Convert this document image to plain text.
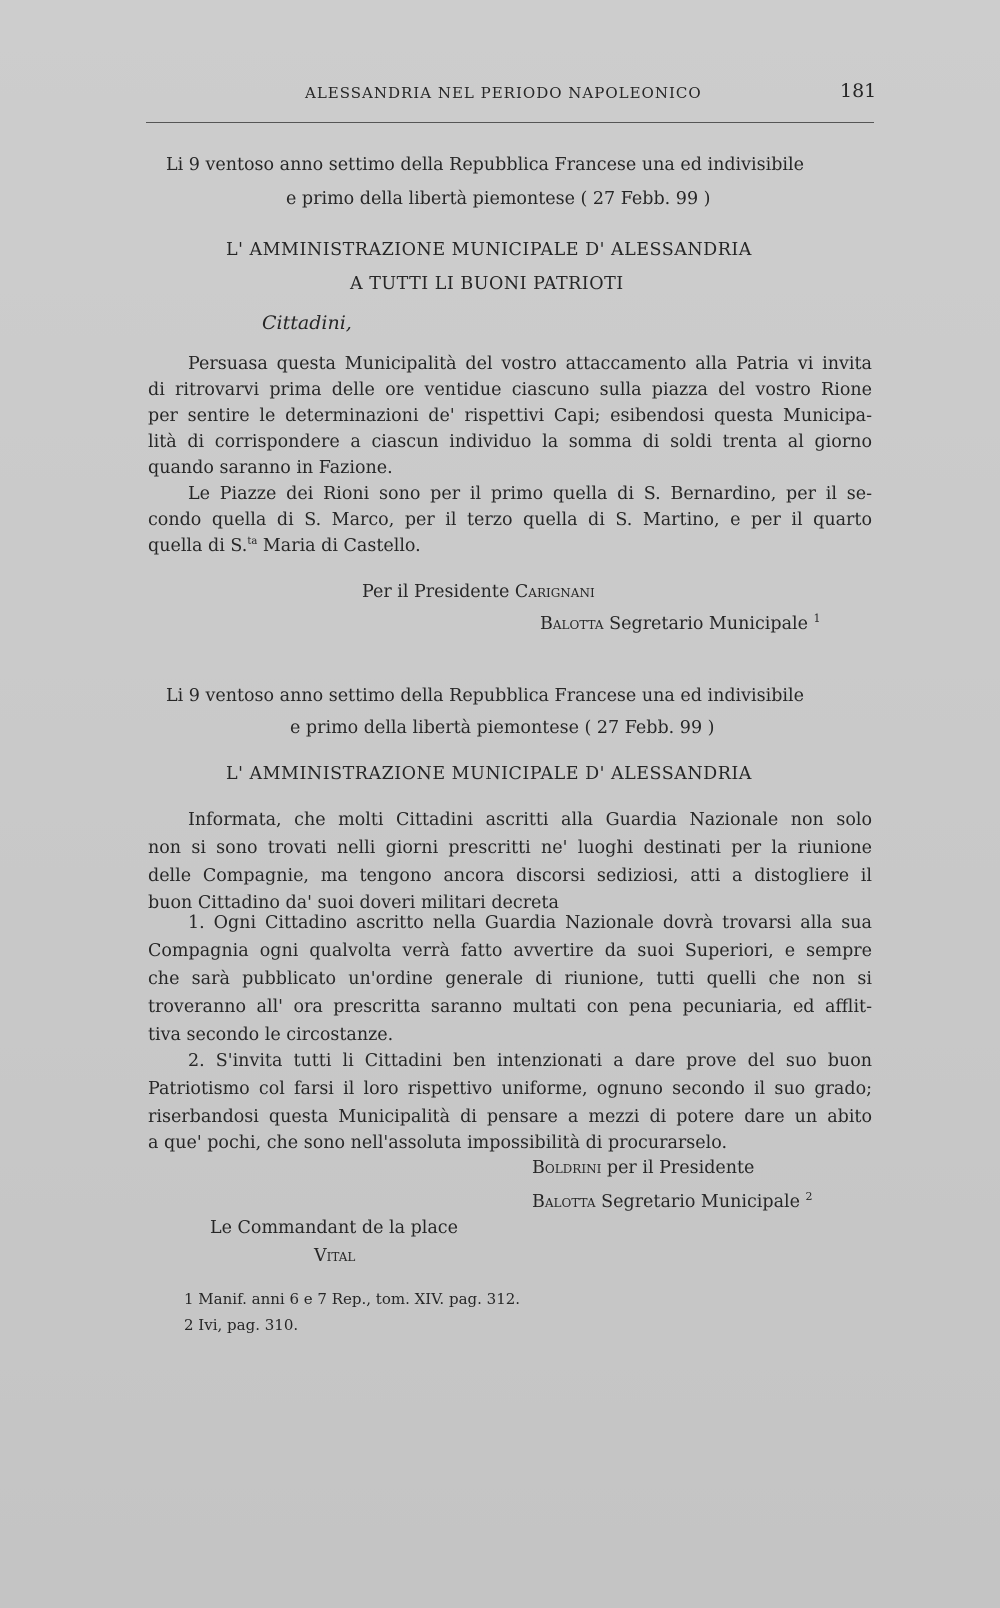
ALESSANDRIA NEL PERIODO NAPOLEONICO	181
Li 9 ventoso anno settimo della Repubblica Francese una ed indivisibile
e primo della libertà piemontese ( 27 Febb. 99 )
L' AMMINISTRAZIONE MUNICIPALE D' ALESSANDRIA
A TUTTI LI BUONI PATRIOTI
Cittadini,
Persuasa questa Municipalità del vostro attaccamento alla Patria vi invita
di ritrovarvi prima delle ore ventidue ciascuno sulla piazza del vostro Rione
per sentire le determinazioni de' rispettivi Capi; esibendosi questa Municipa-
lità di corrispondere a ciascun individuo la somma di soldi trenta al giorno
quando saranno in Fazione.
Le Piazze dei Rioni sono per il primo quella di S. Bernardino, per il se-
condo quella di S. Marco, per il terzo quella di S. Martino, e per il quarto
quella di S.$^{ta}$ Maria di Castello.
Per il Presidente Carignani
Balotta Segretario Municipale $^1$
Li 9 ventoso anno settimo della Repubblica Francese una ed indivisibile
e primo della libertà piemontese ( 27 Febb. 99 )
L' AMMINISTRAZIONE MUNICIPALE D' ALESSANDRIA
Informata, che molti Cittadini ascritti alla Guardia Nazionale non solo
non si sono trovati nelli giorni prescritti ne' luoghi destinati per la riunione
delle Compagnie, ma tengono ancora discorsi sediziosi, atti a distogliere il
buon Cittadino da' suoi doveri militari decreta
1. Ogni Cittadino ascritto nella Guardia Nazionale dovrà trovarsi alla sua
Compagnia ogni qualvolta verrà fatto avvertire da suoi Superiori, e sempre
che sarà pubblicato un'ordine generale di riunione, tutti quelli che non si
troveranno all' ora prescritta saranno multati con pena pecuniaria, ed afflit-
tiva secondo le circostanze.
2. S'invita tutti li Cittadini ben intenzionati a dare prove del suo buon
Patriotismo col farsi il loro rispettivo uniforme, ognuno secondo il suo grado;
riserbandosi questa Municipalità di pensare a mezzi di potere dare un abito
a que' pochi, che sono nell'assoluta impossibilità di procurarselo.
Boldrini per il Presidente
Balotta Segretario Municipale $^2$
Le Commandant de la place
Vital
1 Manif. anni 6 e 7 Rep., tom. XIV. pag. 312.
2 Ivi, pag. 310.
